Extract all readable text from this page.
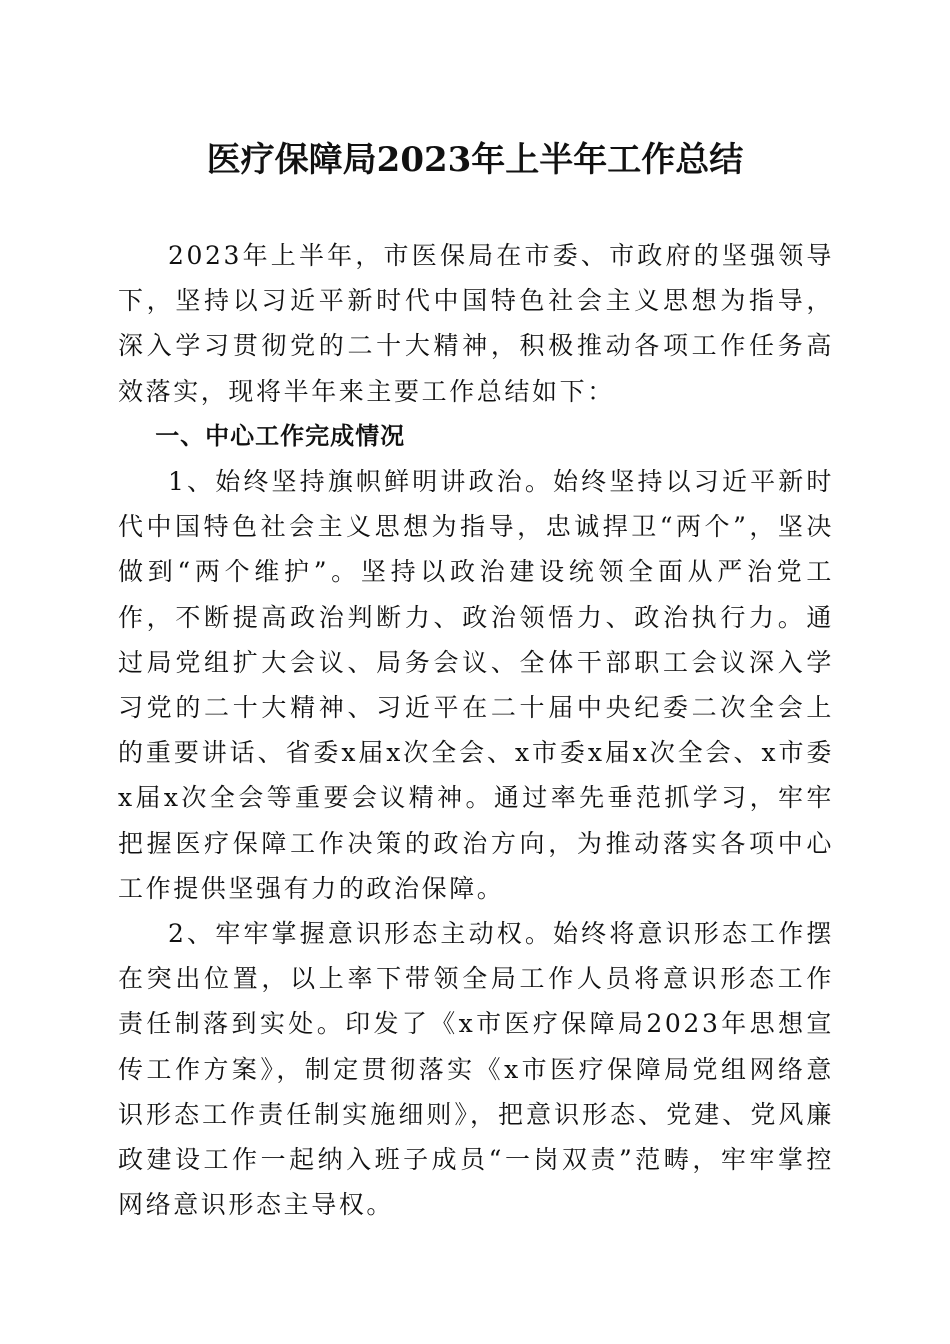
医疗保障局2023年上半年工作总结

2023年上半年，市医保局在市委、市政府的坚强领导下，坚持以习近平新时代中国特色社会主义思想为指导，深入学习贯彻党的二十大精神，积极推动各项工作任务高效落实，现将半年来主要工作总结如下：

一、中心工作完成情况

1、始终坚持旗帜鲜明讲政治。始终坚持以习近平新时代中国特色社会主义思想为指导，忠诚捍卫“两个”，坚决做到“两个维护”。坚持以政治建设统领全面从严治党工作，不断提高政治判断力、政治领悟力、政治执行力。通过局党组扩大会议、局务会议、全体干部职工会议深入学习党的二十大精神、习近平在二十届中央纪委二次全会上的重要讲话、省委x届x次全会、x市委x届x次全会、x市委x届x次全会等重要会议精神。通过率先垂范抓学习，牢牢把握医疗保障工作决策的政治方向，为推动落实各项中心工作提供坚强有力的政治保障。

2、牢牢掌握意识形态主动权。始终将意识形态工作摆在突出位置，以上率下带领全局工作人员将意识形态工作责任制落到实处。印发了《x市医疗保障局2023年思想宣传工作方案》，制定贯彻落实《x市医疗保障局党组网络意识形态工作责任制实施细则》，把意识形态、党建、党风廉政建设工作一起纳入班子成员“一岗双责”范畴，牢牢掌控网络意识形态主导权。
